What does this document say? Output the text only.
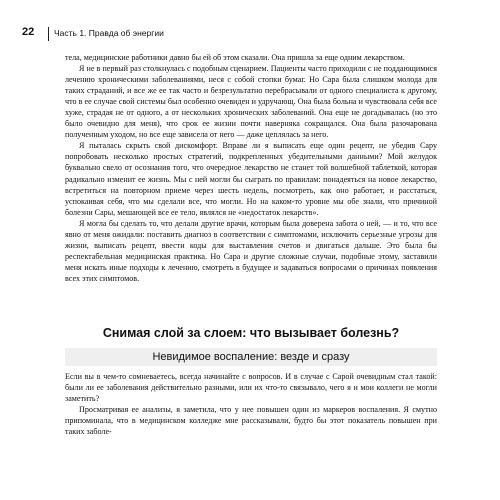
22 Часть 1. Правда об энергии

тела, медицинские работники давно бы ей об этом сказали. Она пришла за еще одним лекарством.

Я не в первый раз столкнулась с подобным сценарием. Пациенты часто приходили с не поддающимися лечению хроническими заболеваниями, неся с собой стопки бумаг. Но Сара была слишком молода для таких страданий, и все же ее так часто и безрезультатно перебрасывали от одного специалиста к другому, что в ее случае свой системы был особенно очевиден и удручающ. Она была больна и чувствовала себя все хуже, страдая не от одного, а от нескольких хронических заболеваний. Она еще не догадывалась (но это было очевидно для меня), что срок ее жизни почти наверняка сокращался. Она была разочарована полученным уходом, но все еще зависела от него — даже цеплялась за него.

Я пыталась скрыть свой дискомфорт. Вправе ли я выписать еще один рецепт, не убедив Сару попробовать несколько простых стратегий, подкрепленных убедительными данными? Мой желудок буквально свело от осознания того, что очередное лекарство не станет той волшебной таблеткой, которая радикально изменит ее жизнь. Мы с ней могли бы сыграть по правилам: понадеяться на новое лекарство, встретиться на повторном приеме через шесть недель, посмотреть, как оно работает, и расстаться, успокаивая себя, что мы сделали все, что могли. Но на каком-то уровне мы обе знали, что причиной болезни Сары, мешающей все ее тело, являлся не «недостаток лекарств».

Я могла бы сделать то, что делали другие врачи, которым была доверена забота о ней, — и то, что все явно от меня ожидали: поставить диагноз в соответствии с симптомами, исключить серьезные угрозы для жизни, выписать рецепт, ввести коды для выставления счетов и двигаться дальше. Это была бы респектабельная медицинская практика. Но Сара и другие сложные случаи, подобные этому, заставили меня искать иные подходы к лечению, смотреть в будущее и задаваться вопросами о причинах появления всех этих симптомов.

Снимая слой за слоем: что вызывает болезнь?
Невидимое воспаление: везде и сразу

Если вы в чем-то сомневаетесь, всегда начинайте с вопросов. И в случае с Сарой очевидным стал такой: были ли ее заболевания действительно разными, или их что-то связывало, чего я и мои коллеги не могли заметить?

Просматривая ее анализы, я заметила, что у нее повышен один из маркеров воспаления. Я смутно припоминала, что в медицинском колледже мне рассказывали, будто бы этот показатель повышен при таких заболе-
